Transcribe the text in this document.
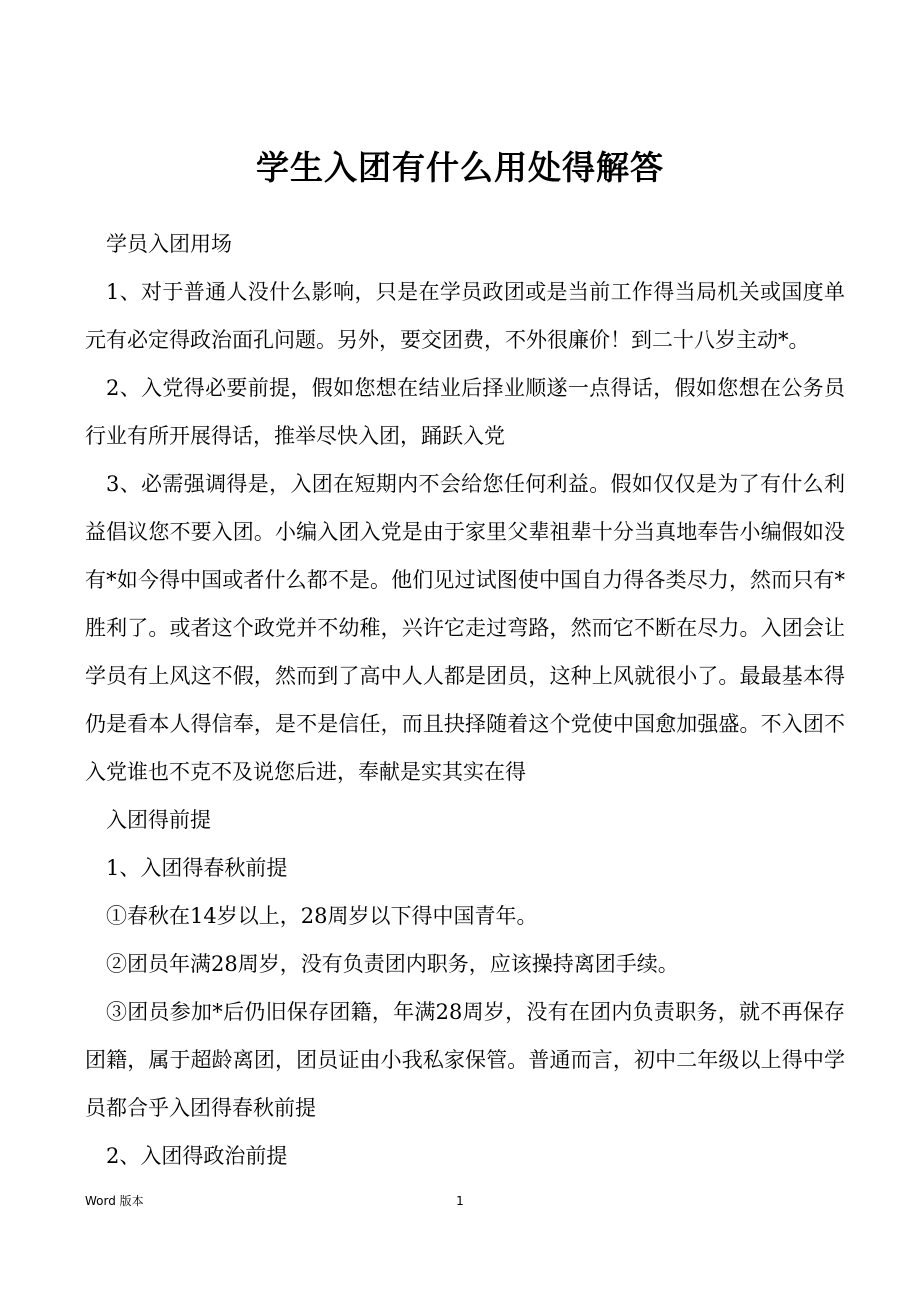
学生入团有什么用处得解答

学员入团用场

1、对于普通人没什么影响，只是在学员政团或是当前工作得当局机关或国度单元有必定得政治面孔问题。另外，要交团费，不外很廉价！到二十八岁主动*。

2、入党得必要前提，假如您想在结业后择业顺遂一点得话，假如您想在公务员行业有所开展得话，推举尽快入团，踊跃入党

3、必需强调得是，入团在短期内不会给您任何利益。假如仅仅是为了有什么利益倡议您不要入团。小编入团入党是由于家里父辈祖辈十分当真地奉告小编假如没有*如今得中国或者什么都不是。他们见过试图使中国自力得各类尽力，然而只有*胜利了。或者这个政党并不幼稚，兴许它走过弯路，然而它不断在尽力。入团会让学员有上风这不假，然而到了高中人人都是团员，这种上风就很小了。最最基本得仍是看本人得信奉，是不是信任，而且抉择随着这个党使中国愈加强盛。不入团不入党谁也不克不及说您后进，奉献是实其实在得

入团得前提

1、入团得春秋前提

①春秋在14岁以上，28周岁以下得中国青年。

②团员年满28周岁，没有负责团内职务，应该操持离团手续。

③团员参加*后仍旧保存团籍，年满28周岁，没有在团内负责职务，就不再保存团籍，属于超龄离团，团员证由小我私家保管。普通而言，初中二年级以上得中学员都合乎入团得春秋前提

2、入团得政治前提

Word 版本	1
